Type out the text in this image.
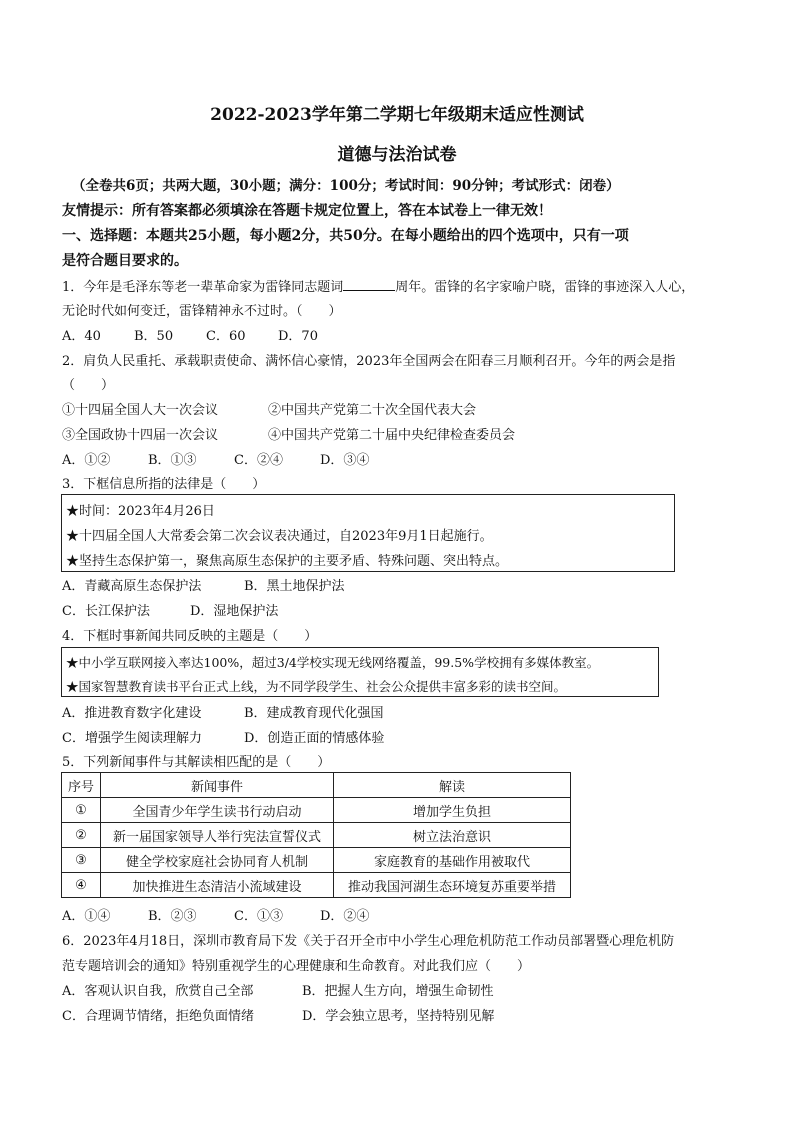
2022-2023学年第二学期七年级期末适应性测试
道德与法治试卷
（全卷共6页；共两大题，30小题；满分：100分；考试时间：90分钟；考试形式：闭卷）
友情提示：所有答案都必须填涂在答题卡规定位置上，答在本试卷上一律无效！
一、选择题：本题共25小题，每小题2分，共50分。在每小题给出的四个选项中，只有一项
是符合题目要求的。
1．今年是毛泽东等老一辈革命家为雷锋同志题词	周年。雷锋的名字家喻户晓，雷锋的事迹深入人心，
无论时代如何变迁，雷锋精神永不过时。（　　）
A．40	B．50	C．60	D．70
2．肩负人民重托、承载职责使命、满怀信心豪情，2023年全国两会在阳春三月顺利召开。今年的两会是指
（　　）
①十四届全国人大一次会议	②中国共产党第二十次全国代表大会
③全国政协十四届一次会议	④中国共产党第二十届中央纪律检查委员会
A．①②	B．①③	C．②④	D．③④
3．下框信息所指的法律是（　　）
★时间：2023年4月26日
★十四届全国人大常委会第二次会议表决通过，自2023年9月1日起施行。
★坚持生态保护第一，聚焦高原生态保护的主要矛盾、特殊问题、突出特点。
A．青藏高原生态保护法	B．黑土地保护法
C．长江保护法	D．湿地保护法
4．下框时事新闻共同反映的主题是（　　）
★中小学互联网接入率达100%，超过3/4学校实现无线网络覆盖，99.5%学校拥有多媒体教室。
★国家智慧教育读书平台正式上线，为不同学段学生、社会公众提供丰富多彩的读书空间。
A．推进教育数字化建设	B．建成教育现代化强国
C．增强学生阅读理解力	D．创造正面的情感体验
5．下列新闻事件与其解读相匹配的是（　　）
序号	新闻事件	解读
①	全国青少年学生读书行动启动	增加学生负担
②	新一届国家领导人举行宪法宣誓仪式	树立法治意识
③	健全学校家庭社会协同育人机制	家庭教育的基础作用被取代
④	加快推进生态清洁小流域建设	推动我国河湖生态环境复苏重要举措
A．①④	B．②③	C．①③	D．②④
6．2023年4月18日，深圳市教育局下发《关于召开全市中小学生心理危机防范工作动员部署暨心理危机防
范专题培训会的通知》特别重视学生的心理健康和生命教育。对此我们应（　　）
A．客观认识自我，欣赏自己全部	B．把握人生方向，增强生命韧性
C．合理调节情绪，拒绝负面情绪	D．学会独立思考，坚持特别见解
